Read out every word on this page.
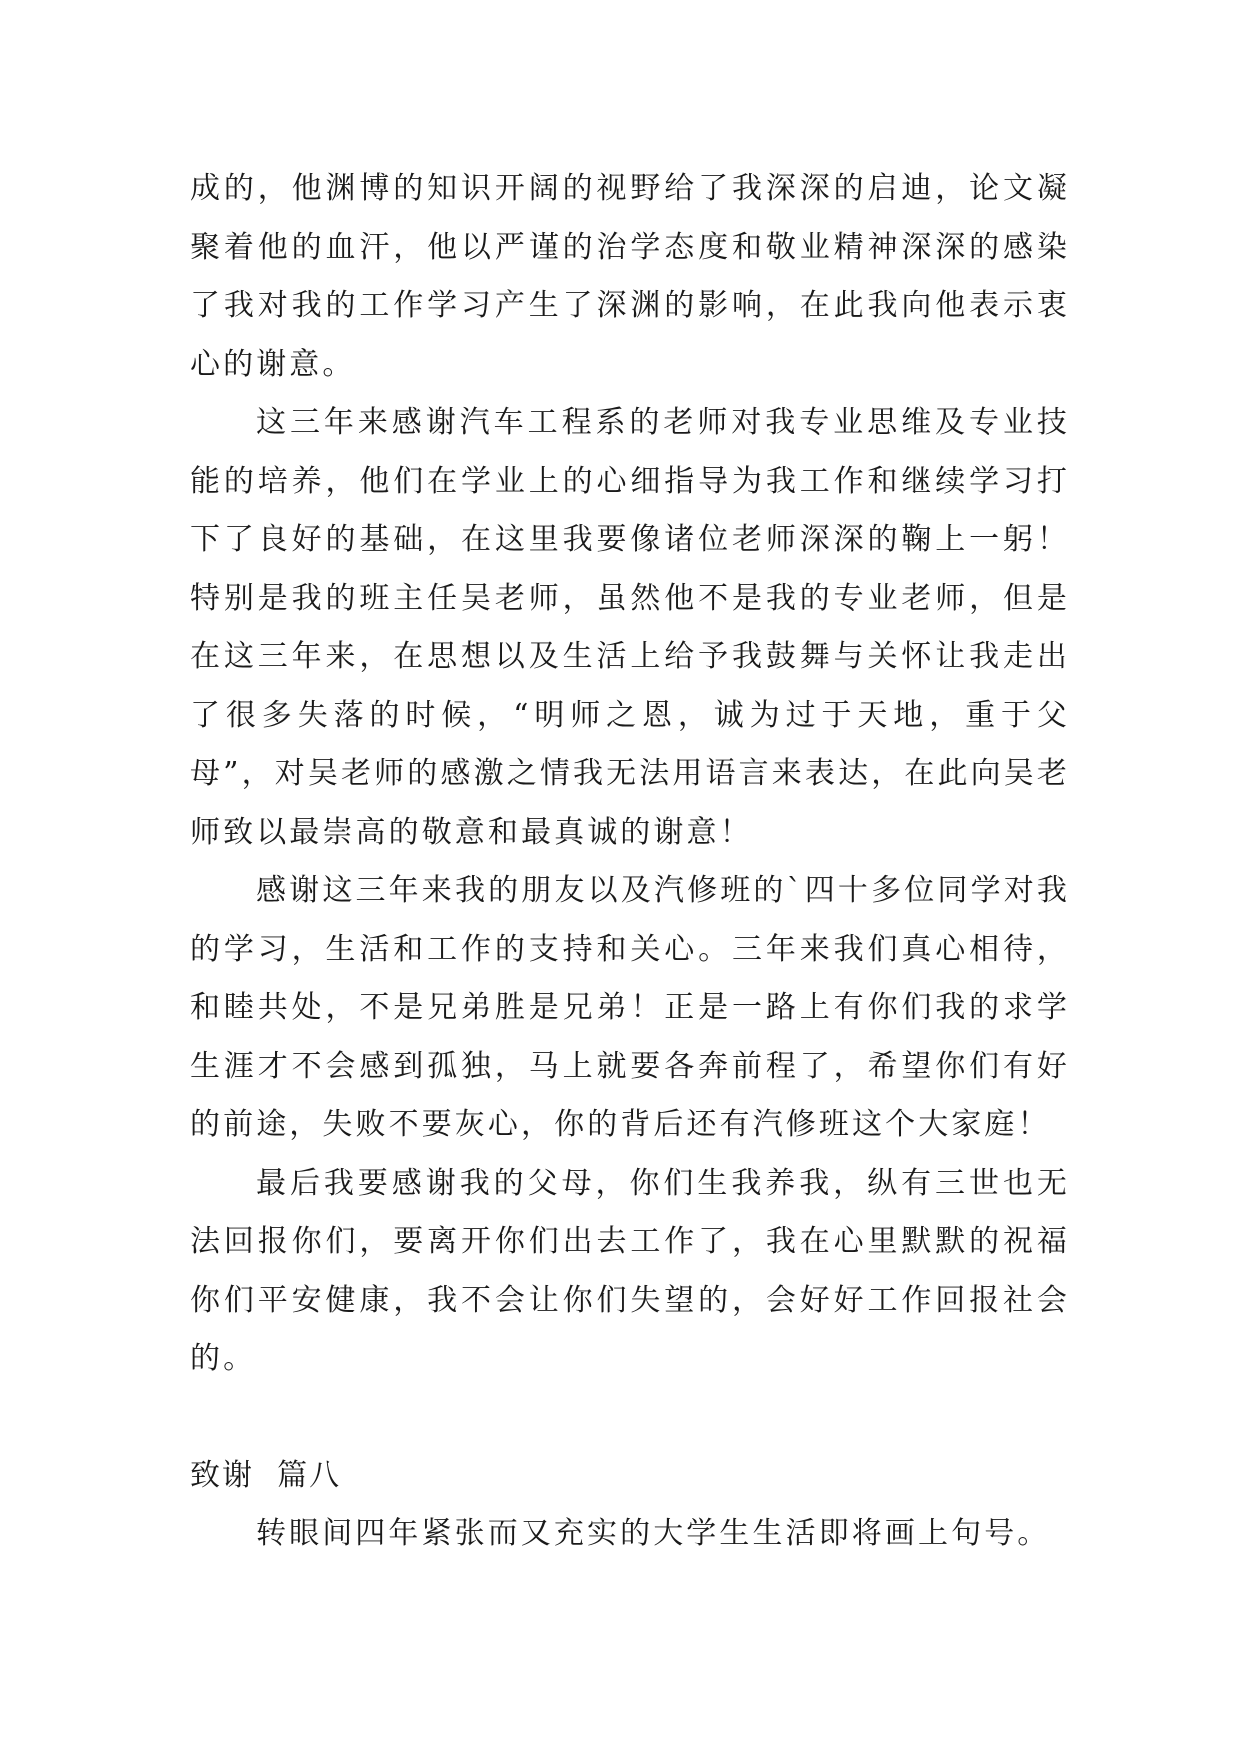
成的，他渊博的知识开阔的视野给了我深深的启迪，论文凝聚着他的血汗，他以严谨的治学态度和敬业精神深深的感染了我对我的工作学习产生了深渊的影响，在此我向他表示衷心的谢意。

这三年来感谢汽车工程系的老师对我专业思维及专业技能的培养，他们在学业上的心细指导为我工作和继续学习打下了良好的基础，在这里我要像诸位老师深深的鞠上一躬！特别是我的班主任吴老师，虽然他不是我的专业老师，但是在这三年来，在思想以及生活上给予我鼓舞与关怀让我走出了很多失落的时候，“明师之恩，诚为过于天地，重于父母”，对吴老师的感激之情我无法用语言来表达，在此向吴老师致以最崇高的敬意和最真诚的谢意！

感谢这三年来我的朋友以及汽修班的`四十多位同学对我的学习，生活和工作的支持和关心。三年来我们真心相待，和睦共处，不是兄弟胜是兄弟！正是一路上有你们我的求学生涯才不会感到孤独，马上就要各奔前程了，希望你们有好的前途，失败不要灰心，你的背后还有汽修班这个大家庭！

最后我要感谢我的父母，你们生我养我，纵有三世也无法回报你们，要离开你们出去工作了，我在心里默默的祝福你们平安健康，我不会让你们失望的，会好好工作回报社会的。

致谢  篇八

转眼间四年紧张而又充实的大学生生活即将画上句号。
